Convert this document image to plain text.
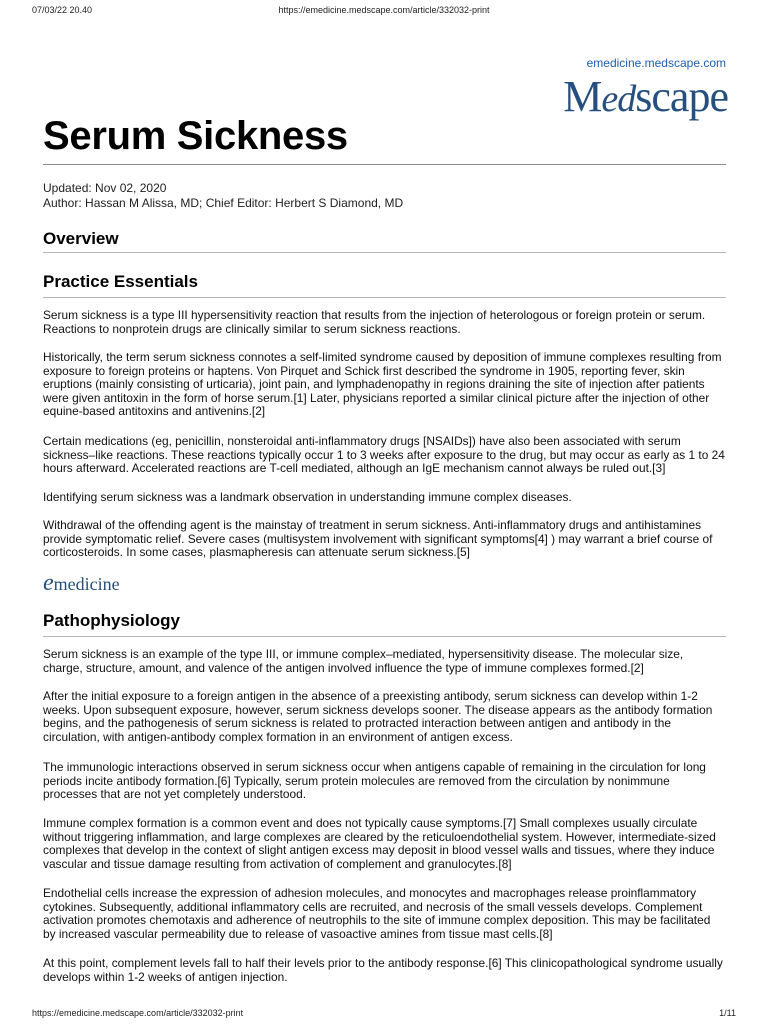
07/03/22 20.40	https://emedicine.medscape.com/article/332032-print
emedicine.medscape.com
Medscape
Serum Sickness
Updated: Nov 02, 2020
Author: Hassan M Alissa, MD; Chief Editor: Herbert S Diamond, MD
Overview
Practice Essentials

Serum sickness is a type III hypersensitivity reaction that results from the injection of heterologous or foreign protein or serum. Reactions to nonprotein drugs are clinically similar to serum sickness reactions.

Historically, the term serum sickness connotes a self-limited syndrome caused by deposition of immune complexes resulting from exposure to foreign proteins or haptens. Von Pirquet and Schick first described the syndrome in 1905, reporting fever, skin eruptions (mainly consisting of urticaria), joint pain, and lymphadenopathy in regions draining the site of injection after patients were given antitoxin in the form of horse serum.[1] Later, physicians reported a similar clinical picture after the injection of other equine-based antitoxins and antivenins.[2]

Certain medications (eg, penicillin, nonsteroidal anti-inflammatory drugs [NSAIDs]) have also been associated with serum sickness–like reactions. These reactions typically occur 1 to 3 weeks after exposure to the drug, but may occur as early as 1 to 24 hours afterward. Accelerated reactions are T-cell mediated, although an IgE mechanism cannot always be ruled out.[3]

Identifying serum sickness was a landmark observation in understanding immune complex diseases.

Withdrawal of the offending agent is the mainstay of treatment in serum sickness. Anti-inflammatory drugs and antihistamines provide symptomatic relief. Severe cases (multisystem involvement with significant symptoms[4] ) may warrant a brief course of corticosteroids. In some cases, plasmapheresis can attenuate serum sickness.[5]

emedicine
Pathophysiology

Serum sickness is an example of the type III, or immune complex–mediated, hypersensitivity disease. The molecular size, charge, structure, amount, and valence of the antigen involved influence the type of immune complexes formed.[2]

After the initial exposure to a foreign antigen in the absence of a preexisting antibody, serum sickness can develop within 1-2 weeks. Upon subsequent exposure, however, serum sickness develops sooner. The disease appears as the antibody formation begins, and the pathogenesis of serum sickness is related to protracted interaction between antigen and antibody in the circulation, with antigen-antibody complex formation in an environment of antigen excess.

The immunologic interactions observed in serum sickness occur when antigens capable of remaining in the circulation for long periods incite antibody formation.[6] Typically, serum protein molecules are removed from the circulation by nonimmune processes that are not yet completely understood.

Immune complex formation is a common event and does not typically cause symptoms.[7] Small complexes usually circulate without triggering inflammation, and large complexes are cleared by the reticuloendothelial system. However, intermediate-sized complexes that develop in the context of slight antigen excess may deposit in blood vessel walls and tissues, where they induce vascular and tissue damage resulting from activation of complement and granulocytes.[8]

Endothelial cells increase the expression of adhesion molecules, and monocytes and macrophages release proinflammatory cytokines. Subsequently, additional inflammatory cells are recruited, and necrosis of the small vessels develops. Complement activation promotes chemotaxis and adherence of neutrophils to the site of immune complex deposition. This may be facilitated by increased vascular permeability due to release of vasoactive amines from tissue mast cells.[8]

At this point, complement levels fall to half their levels prior to the antibody response.[6] This clinicopathological syndrome usually develops within 1-2 weeks of antigen injection.

https://emedicine.medscape.com/article/332032-print	1/11
